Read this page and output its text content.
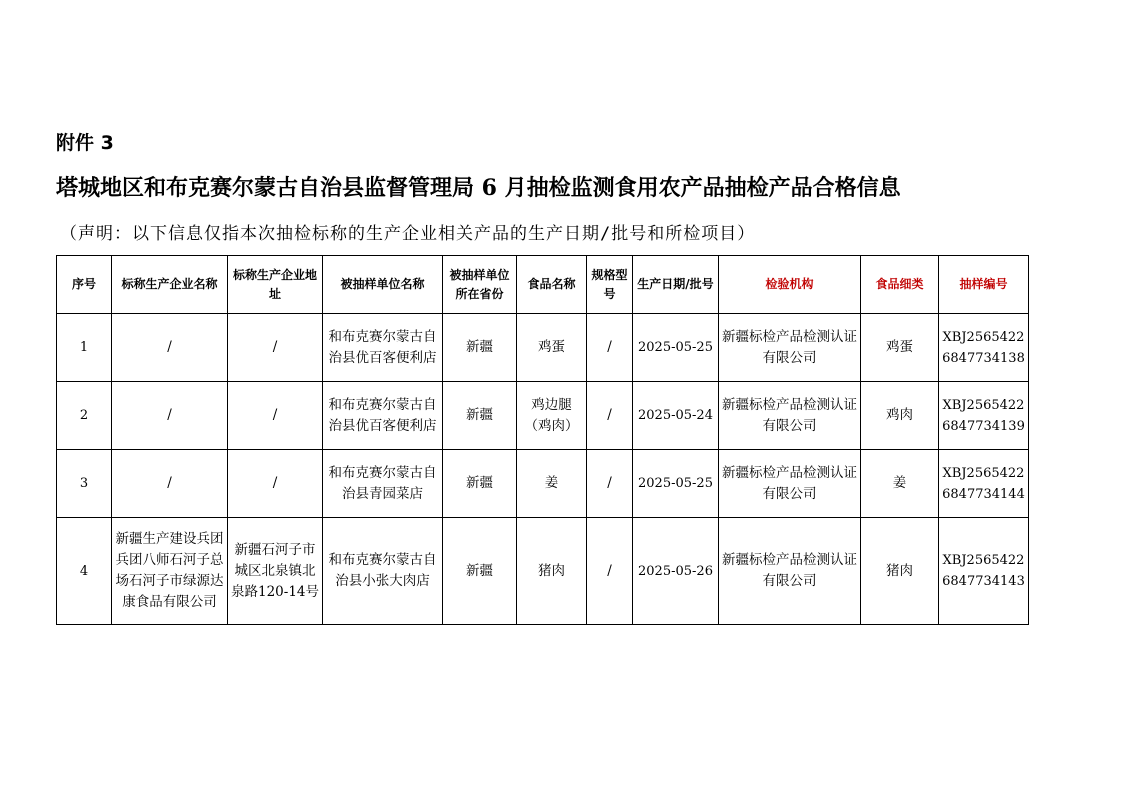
附件 3
塔城地区和布克赛尔蒙古自治县监督管理局 6 月抽检监测食用农产品抽检产品合格信息
（声明：以下信息仅指本次抽检标称的生产企业相关产品的生产日期/批号和所检项目）
序号	标称生产企业名称	标称生产企业地址	被抽样单位名称	被抽样单位所在省份	食品名称	规格型号	生产日期/批号	检验机构	食品细类	抽样编号
1	/	/	和布克赛尔蒙古自治县优百客便利店	新疆	鸡蛋	/	2025-05-25	新疆标检产品检测认证有限公司	鸡蛋	XBJ25654226847734138
2	/	/	和布克赛尔蒙古自治县优百客便利店	新疆	鸡边腿（鸡肉）	/	2025-05-24	新疆标检产品检测认证有限公司	鸡肉	XBJ25654226847734139
3	/	/	和布克赛尔蒙古自治县青园菜店	新疆	姜	/	2025-05-25	新疆标检产品检测认证有限公司	姜	XBJ25654226847734144
4	新疆生产建设兵团兵团八师石河子总场石河子市绿源达康食品有限公司	新疆石河子市城区北泉镇北泉路120-14号	和布克赛尔蒙古自治县小张大肉店	新疆	猪肉	/	2025-05-26	新疆标检产品检测认证有限公司	猪肉	XBJ25654226847734143
